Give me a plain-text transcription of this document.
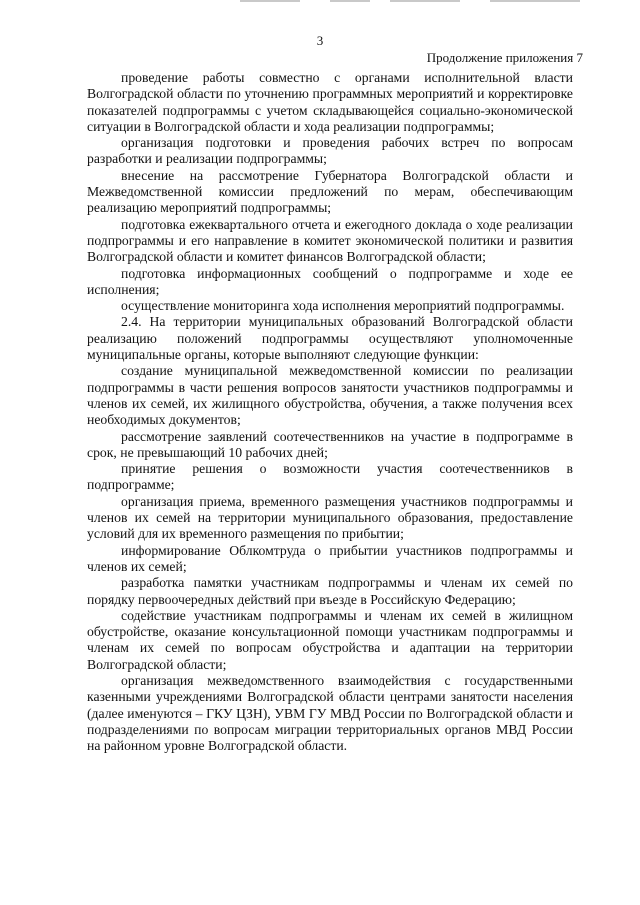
3
Продолжение приложения 7

проведение работы совместно с органами исполнительной власти Волгоградской области по уточнению программных мероприятий и корректировке показателей подпрограммы с учетом складывающейся социально-экономической ситуации в Волгоградской области и хода реализации подпрограммы;

организация подготовки и проведения рабочих встреч по вопросам разработки и реализации подпрограммы;

внесение на рассмотрение Губернатора Волгоградской области и Межведомственной комиссии предложений по мерам, обеспечивающим реализацию мероприятий подпрограммы;

подготовка ежеквартального отчета и ежегодного доклада о ходе реализации подпрограммы и его направление в комитет экономической политики и развития Волгоградской области и комитет финансов Волгоградской области;

подготовка информационных сообщений о подпрограмме и ходе ее исполнения;

осуществление мониторинга хода исполнения мероприятий подпрограммы.

2.4. На территории муниципальных образований Волгоградской области реализацию положений подпрограммы осуществляют уполномоченные муниципальные органы, которые выполняют следующие функции:

создание муниципальной межведомственной комиссии по реализации подпрограммы в части решения вопросов занятости участников подпрограммы и членов их семей, их жилищного обустройства, обучения, а также получения всех необходимых документов;

рассмотрение заявлений соотечественников на участие в подпрограмме в срок, не превышающий 10 рабочих дней;

принятие решения о возможности участия соотечественников в подпрограмме;

организация приема, временного размещения участников подпрограммы и членов их семей на территории муниципального образования, предоставление условий для их временного размещения по прибытии;

информирование Облкомтруда о прибытии участников подпрограммы и членов их семей;

разработка памятки участникам подпрограммы и членам их семей по порядку первоочередных действий при въезде в Российскую Федерацию;

содействие участникам подпрограммы и членам их семей в жилищном обустройстве, оказание консультационной помощи участникам подпрограммы и членам их семей по вопросам обустройства и адаптации на территории Волгоградской области;

организация межведомственного взаимодействия с государственными казенными учреждениями Волгоградской области центрами занятости населения (далее именуются – ГКУ ЦЗН), УВМ ГУ МВД России по Волгоградской области и подразделениями по вопросам миграции территориальных органов МВД России на районном уровне Волгоградской области.
